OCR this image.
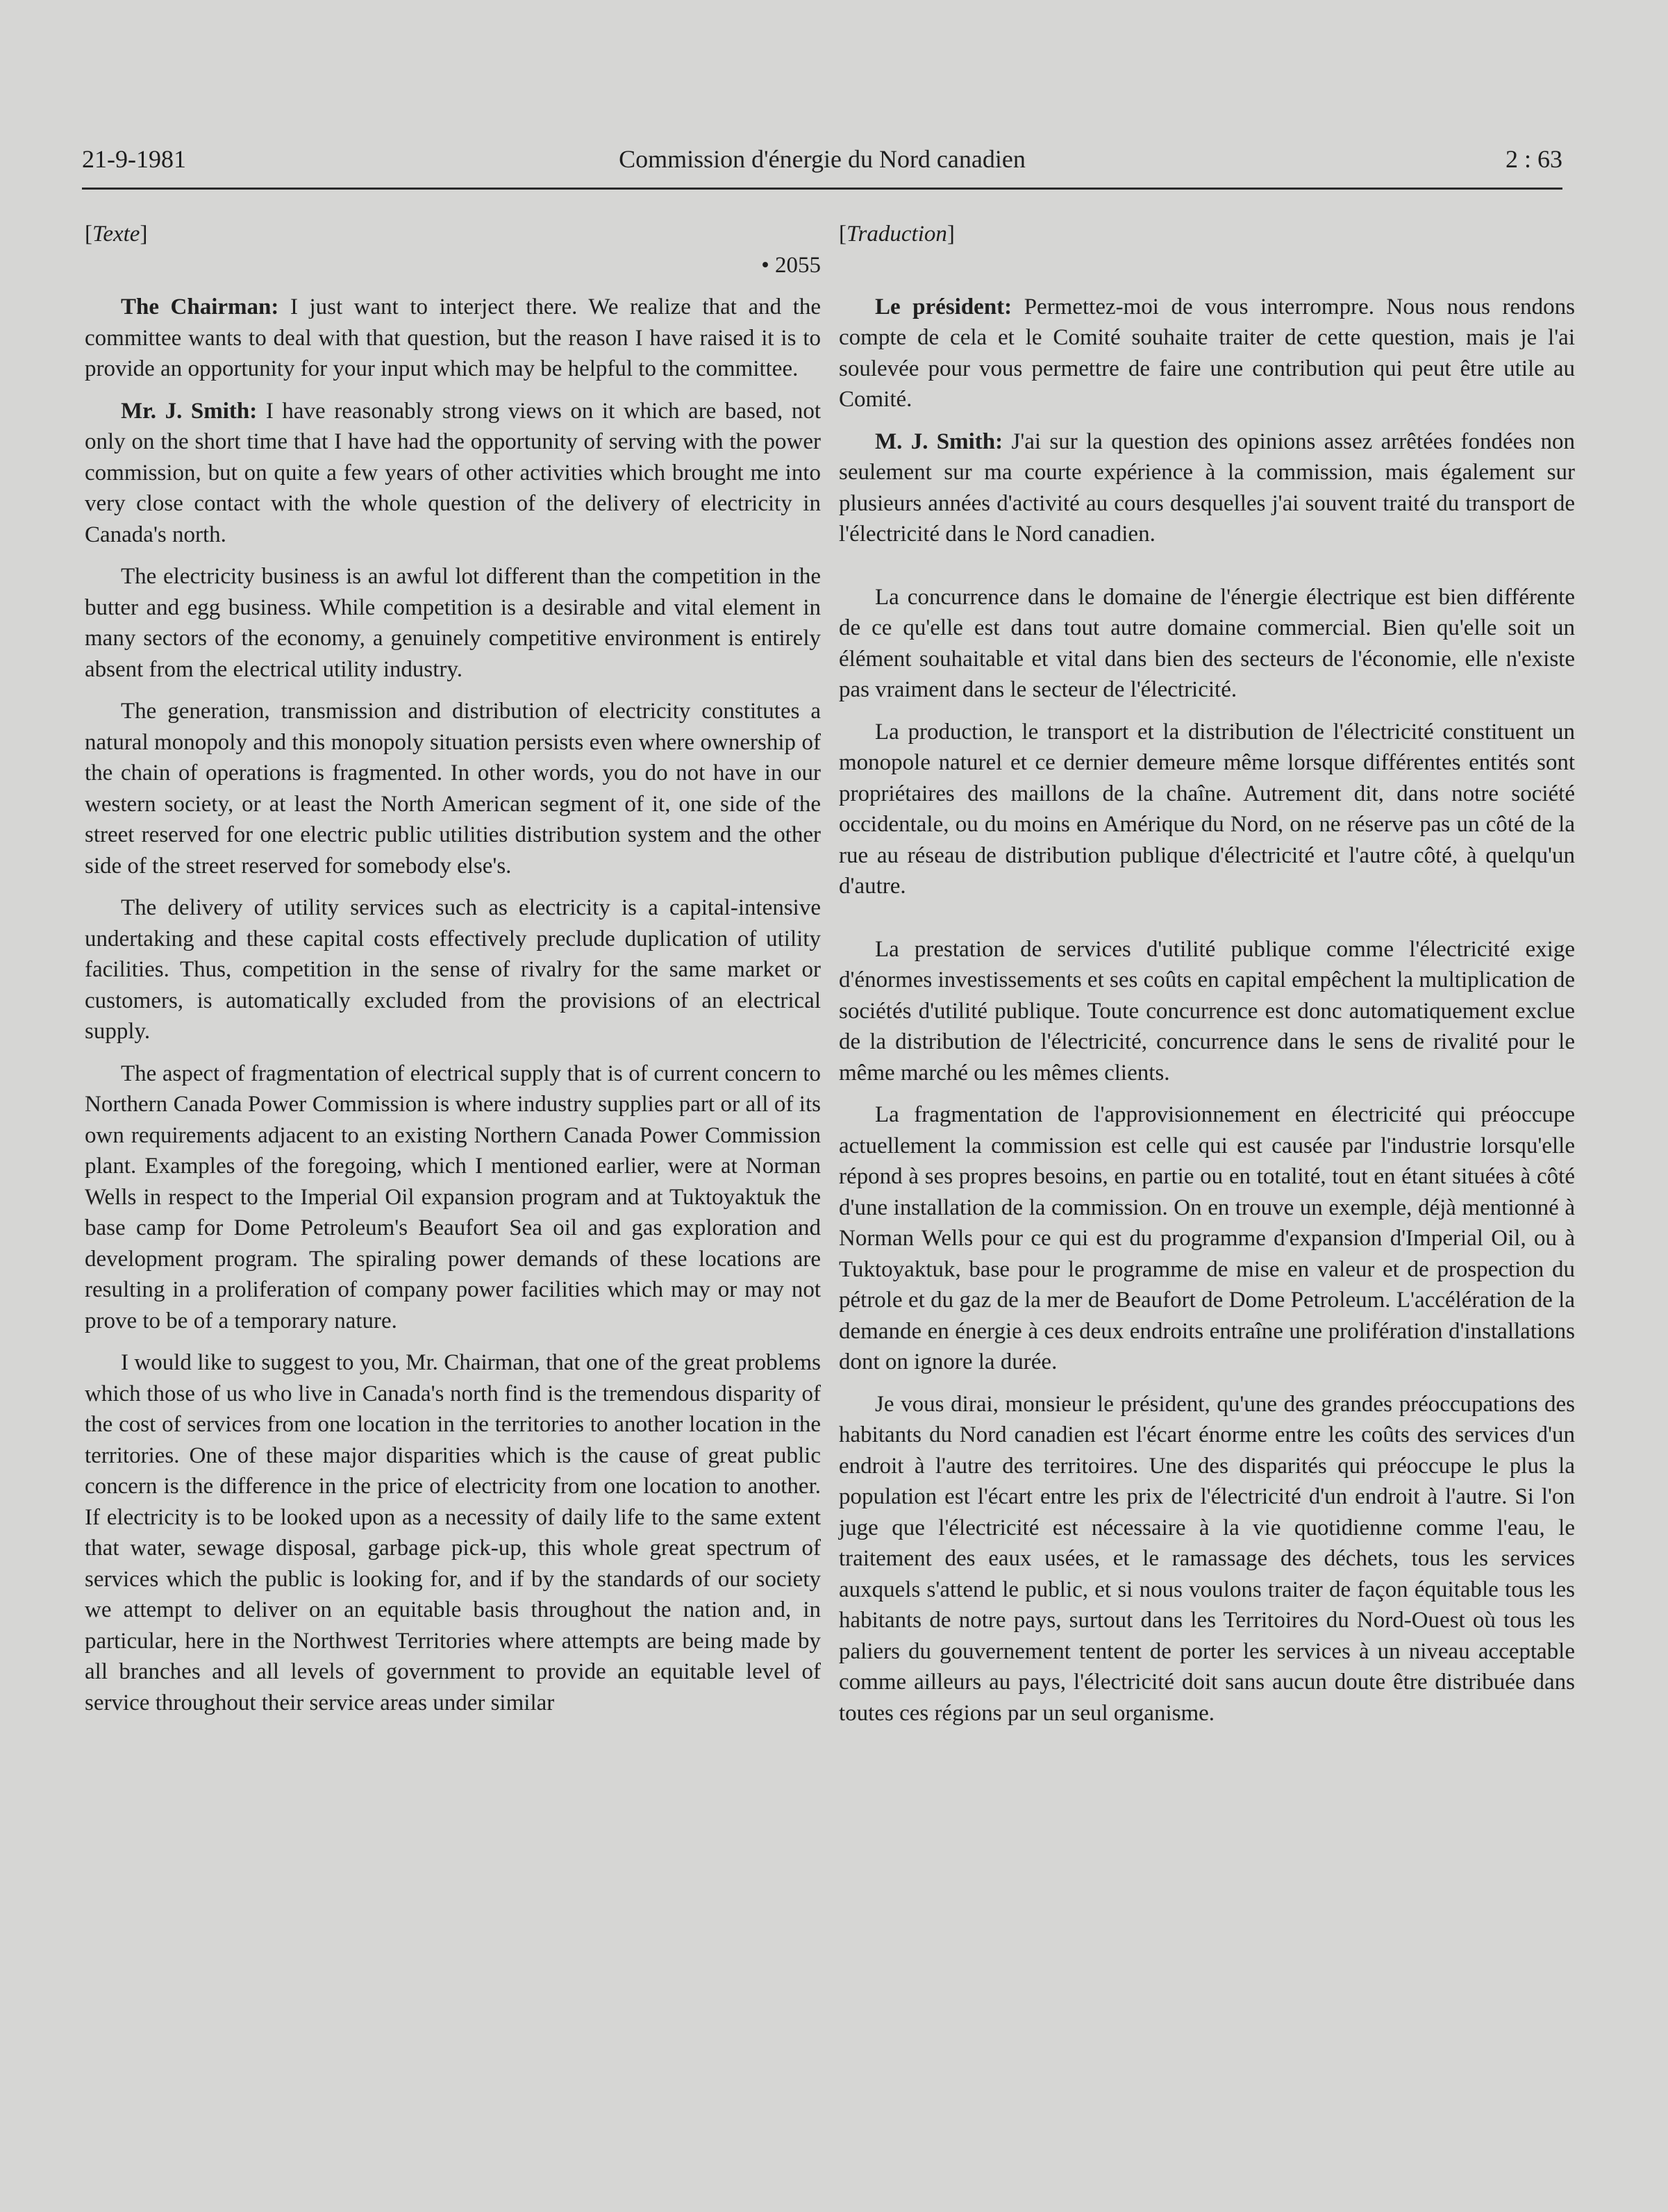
21-9-1981	Commission d'énergie du Nord canadien	2 : 63
[ Texte ]
• 2055

The Chairman: I just want to interject there. We realize that and the committee wants to deal with that question, but the reason I have raised it is to provide an opportunity for your input which may be helpful to the committee.

Mr. J. Smith: I have reasonably strong views on it which are based, not only on the short time that I have had the opportunity of serving with the power commission, but on quite a few years of other activities which brought me into very close contact with the whole question of the delivery of electricity in Canada's north.

The electricity business is an awful lot different than the competition in the butter and egg business. While competition is a desirable and vital element in many sectors of the economy, a genuinely competitive environment is entirely absent from the electrical utility industry.

The generation, transmission and distribution of electricity constitutes a natural monopoly and this monopoly situation persists even where ownership of the chain of operations is fragmented. In other words, you do not have in our western society, or at least the North American segment of it, one side of the street reserved for one electric public utilities distribution system and the other side of the street reserved for somebody else's.

The delivery of utility services such as electricity is a capital-intensive undertaking and these capital costs effectively preclude duplication of utility facilities. Thus, competition in the sense of rivalry for the same market or customers, is automatically excluded from the provisions of an electrical supply.

The aspect of fragmentation of electrical supply that is of current concern to Northern Canada Power Commission is where industry supplies part or all of its own requirements adjacent to an existing Northern Canada Power Commission plant. Examples of the foregoing, which I mentioned earlier, were at Norman Wells in respect to the Imperial Oil expansion program and at Tuktoyaktuk the base camp for Dome Petroleum's Beaufort Sea oil and gas exploration and development program. The spiraling power demands of these locations are resulting in a proliferation of company power facilities which may or may not prove to be of a temporary nature.

I would like to suggest to you, Mr. Chairman, that one of the great problems which those of us who live in Canada's north find is the tremendous disparity of the cost of services from one location in the territories to another location in the territories. One of these major disparities which is the cause of great public concern is the difference in the price of electricity from one location to another. If electricity is to be looked upon as a necessity of daily life to the same extent that water, sewage disposal, garbage pick-up, this whole great spectrum of services which the public is looking for, and if by the standards of our society we attempt to deliver on an equitable basis throughout the nation and, in particular, here in the Northwest Territories where attempts are being made by all branches and all levels of government to provide an equitable level of service throughout their service areas under similar

[ Traduction ]

Le président: Permettez-moi de vous interrompre. Nous nous rendons compte de cela et le Comité souhaite traiter de cette question, mais je l'ai soulevée pour vous permettre de faire une contribution qui peut être utile au Comité.

M. J. Smith: J'ai sur la question des opinions assez arrêtées fondées non seulement sur ma courte expérience à la commission, mais également sur plusieurs années d'activité au cours desquelles j'ai souvent traité du transport de l'électricité dans le Nord canadien.

La concurrence dans le domaine de l'énergie électrique est bien différente de ce qu'elle est dans tout autre domaine commercial. Bien qu'elle soit un élément souhaitable et vital dans bien des secteurs de l'économie, elle n'existe pas vraiment dans le secteur de l'électricité.

La production, le transport et la distribution de l'électricité constituent un monopole naturel et ce dernier demeure même lorsque différentes entités sont propriétaires des maillons de la chaîne. Autrement dit, dans notre société occidentale, ou du moins en Amérique du Nord, on ne réserve pas un côté de la rue au réseau de distribution publique d'électricité et l'autre côté, à quelqu'un d'autre.

La prestation de services d'utilité publique comme l'électricité exige d'énormes investissements et ses coûts en capital empêchent la multiplication de sociétés d'utilité publique. Toute concurrence est donc automatiquement exclue de la distribution de l'électricité, concurrence dans le sens de rivalité pour le même marché ou les mêmes clients.

La fragmentation de l'approvisionnement en électricité qui préoccupe actuellement la commission est celle qui est causée par l'industrie lorsqu'elle répond à ses propres besoins, en partie ou en totalité, tout en étant situées à côté d'une installation de la commission. On en trouve un exemple, déjà mentionné à Norman Wells pour ce qui est du programme d'expansion d'Imperial Oil, ou à Tuktoyaktuk, base pour le programme de mise en valeur et de prospection du pétrole et du gaz de la mer de Beaufort de Dome Petroleum. L'accélération de la demande en énergie à ces deux endroits entraîne une prolifération d'installations dont on ignore la durée.

Je vous dirai, monsieur le président, qu'une des grandes préoccupations des habitants du Nord canadien est l'écart énorme entre les coûts des services d'un endroit à l'autre des territoires. Une des disparités qui préoccupe le plus la population est l'écart entre les prix de l'électricité d'un endroit à l'autre. Si l'on juge que l'électricité est nécessaire à la vie quotidienne comme l'eau, le traitement des eaux usées, et le ramassage des déchets, tous les services auxquels s'attend le public, et si nous voulons traiter de façon équitable tous les habitants de notre pays, surtout dans les Territoires du Nord-Ouest où tous les paliers du gouvernement tentent de porter les services à un niveau acceptable comme ailleurs au pays, l'électricité doit sans aucun doute être distribuée dans toutes ces régions par un seul organisme.
